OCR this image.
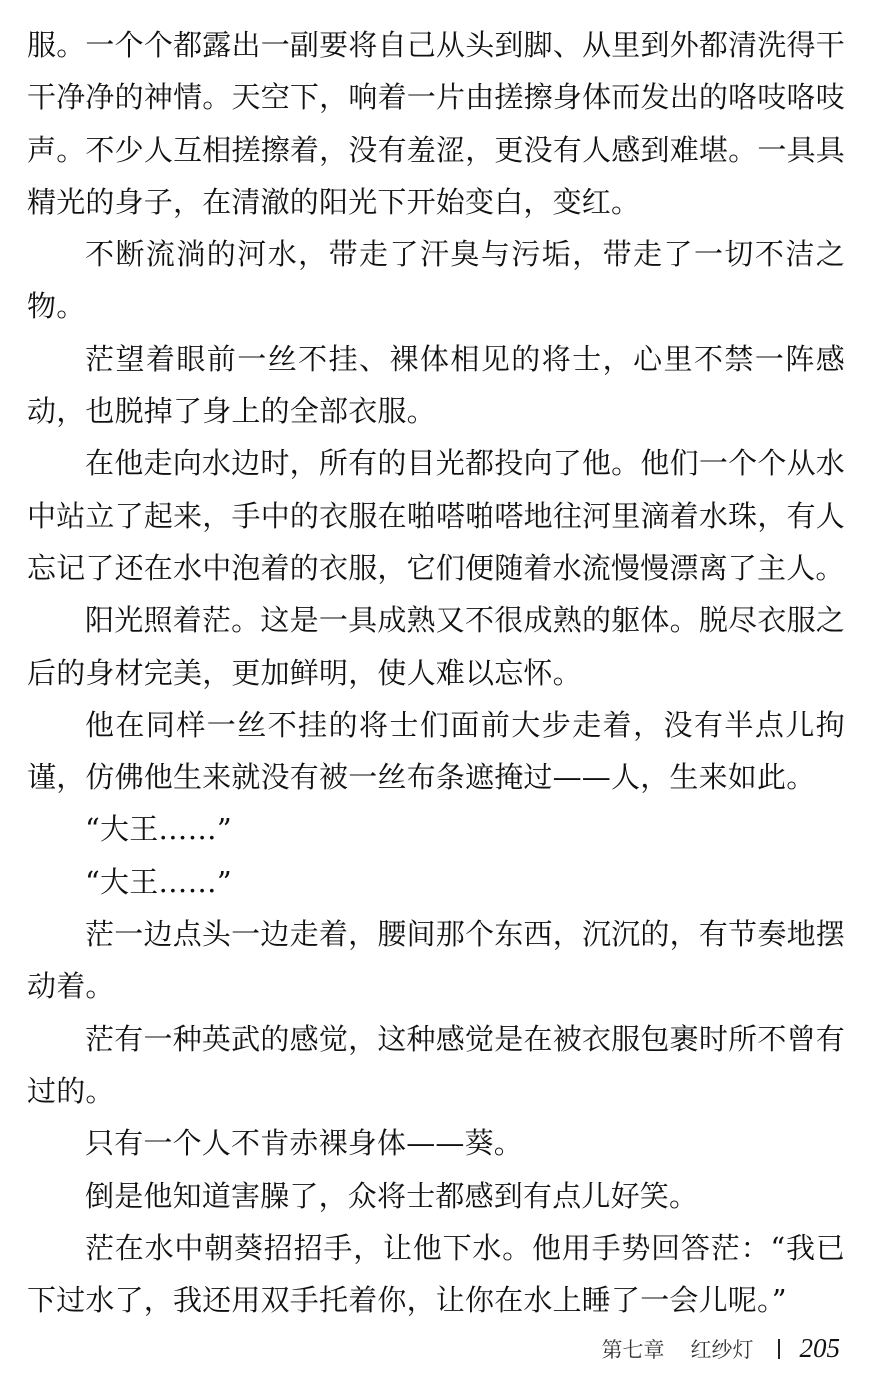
服。一个个都露出一副要将自己从头到脚、从里到外都清洗得干干净净的神情。天空下，响着一片由搓擦身体而发出的咯吱咯吱声。不少人互相搓擦着，没有羞涩，更没有人感到难堪。一具具精光的身子，在清澈的阳光下开始变白，变红。

不断流淌的河水，带走了汗臭与污垢，带走了一切不洁之物。

茫望着眼前一丝不挂、裸体相见的将士，心里不禁一阵感动，也脱掉了身上的全部衣服。

在他走向水边时，所有的目光都投向了他。他们一个个从水中站立了起来，手中的衣服在啪嗒啪嗒地往河里滴着水珠，有人忘记了还在水中泡着的衣服，它们便随着水流慢慢漂离了主人。

阳光照着茫。这是一具成熟又不很成熟的躯体。脱尽衣服之后的身材完美，更加鲜明，使人难以忘怀。

他在同样一丝不挂的将士们面前大步走着，没有半点儿拘谨，仿佛他生来就没有被一丝布条遮掩过——人，生来如此。

“大王……”

“大王……”

茫一边点头一边走着，腰间那个东西，沉沉的，有节奏地摆动着。

茫有一种英武的感觉，这种感觉是在被衣服包裹时所不曾有过的。

只有一个人不肯赤裸身体——葵。

倒是他知道害臊了，众将士都感到有点儿好笑。

茫在水中朝葵招招手，让他下水。他用手势回答茫：“我已下过水了，我还用双手托着你，让你在水上睡了一会儿呢。”

第七章 红纱灯 205
